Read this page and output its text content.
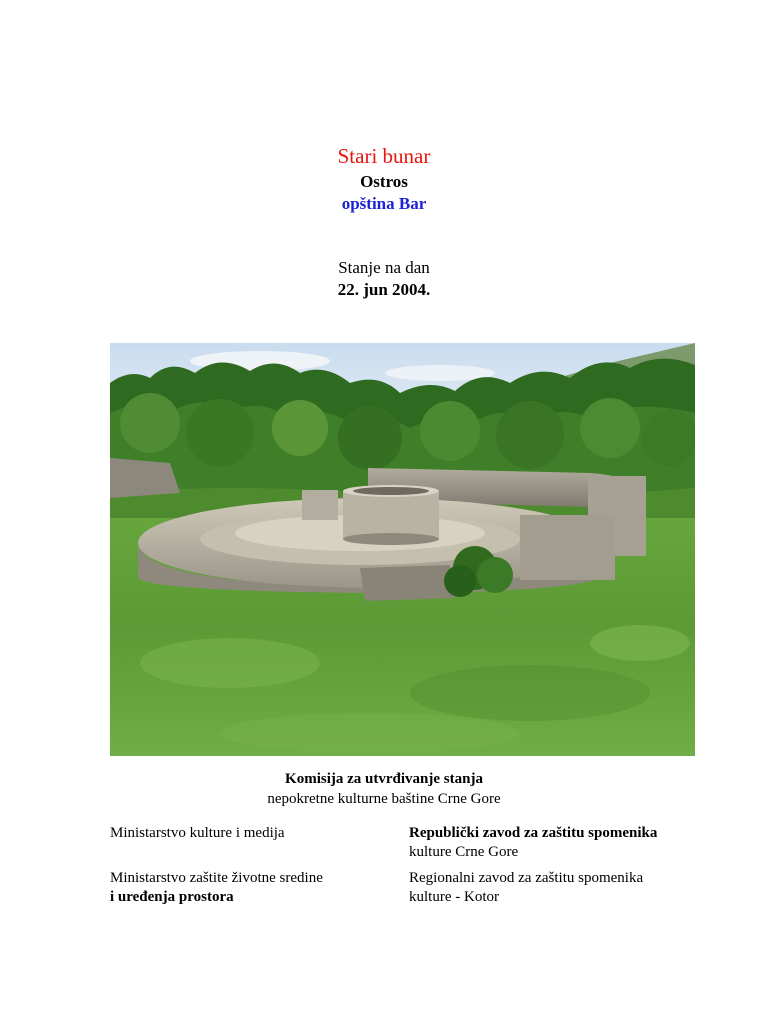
Stari bunar
Ostros
opština Bar
Stanje na dan
22. jun 2004.
Komisija za utvrđivanje stanja
nepokretne kulturne baštine Crne Gore
Ministarstvo kulture i medija	Republički zavod za zaštitu spomenika
kulture Crne Gore
Ministarstvo zaštite životne sredine
i uređenja prostora
Regionalni zavod za zaštitu spomenika
kulture - Kotor
